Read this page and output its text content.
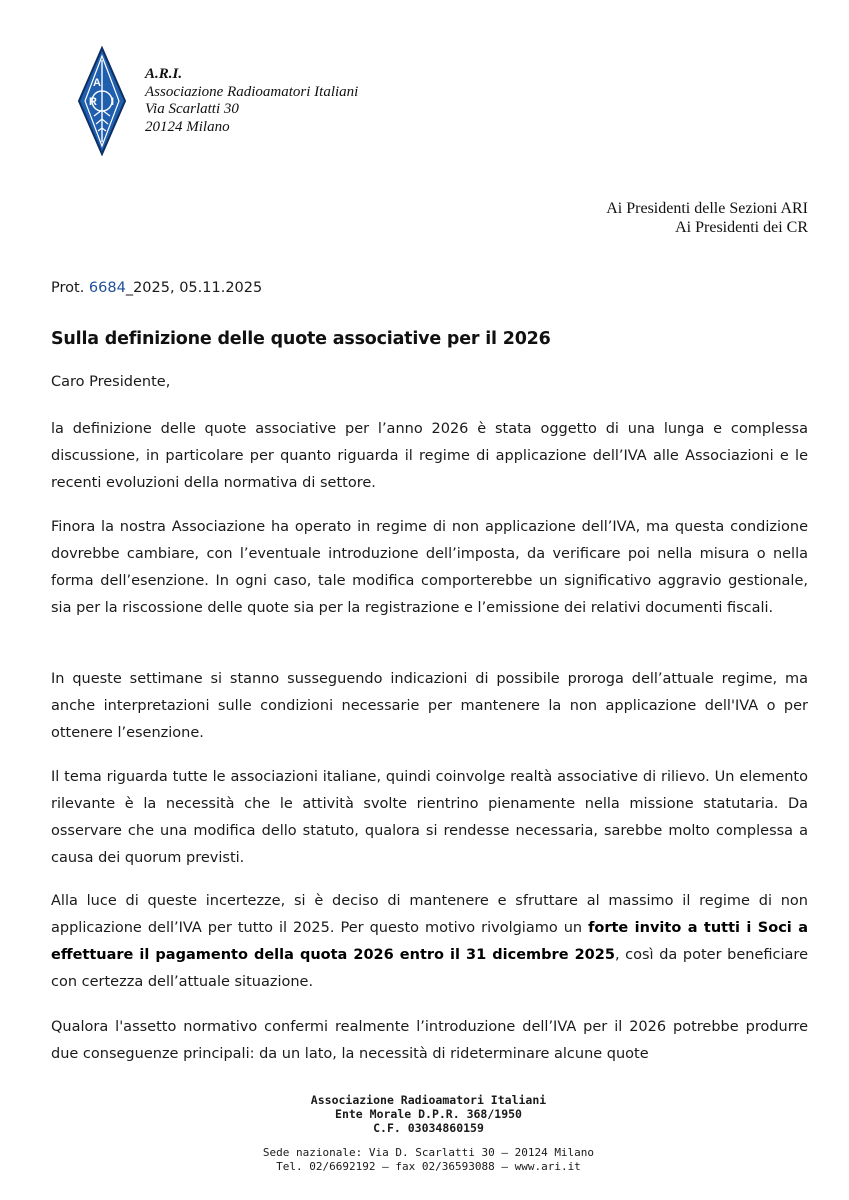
A
R I
A.R.I.
Associazione Radioamatori Italiani
Via Scarlatti 30
20124 Milano
Ai Presidenti delle Sezioni ARI
Ai Presidenti dei CR
Prot. 6684_2025, 05.11.2025
Sulla definizione delle quote associative per il 2026
Caro Presidente,
la definizione delle quote associative per l’anno 2026 è stata oggetto di una lunga e complessa discussione, in particolare per quanto riguarda il regime di applicazione dell’IVA alle Associazioni e le recenti evoluzioni della normativa di settore.
Finora la nostra Associazione ha operato in regime di non applicazione dell’IVA, ma questa condizione dovrebbe cambiare, con l’eventuale introduzione dell’imposta, da verificare poi nella misura o nella forma dell’esenzione. In ogni caso, tale modifica comporterebbe un significativo aggravio gestionale, sia per la riscossione delle quote sia per la registrazione e l’emissione dei relativi documenti fiscali.
In queste settimane si stanno susseguendo indicazioni di possibile proroga dell’attuale regime, ma anche interpretazioni sulle condizioni necessarie per mantenere la non applicazione dell'IVA o per ottenere l’esenzione.
Il tema riguarda tutte le associazioni italiane, quindi coinvolge realtà associative di rilievo. Un elemento rilevante è la necessità che le attività svolte rientrino pienamente nella missione statutaria. Da osservare che una modifica dello statuto, qualora si rendesse necessaria, sarebbe molto complessa a causa dei quorum previsti.
Alla luce di queste incertezze, si è deciso di mantenere e sfruttare al massimo il regime di non applicazione dell’IVA per tutto il 2025. Per questo motivo rivolgiamo un forte invito a tutti i Soci a effettuare il pagamento della quota 2026 entro il 31 dicembre 2025, così da poter beneficiare con certezza dell’attuale situazione.
Qualora l'assetto normativo confermi realmente l’introduzione dell’IVA per il 2026 potrebbe produrre due conseguenze principali: da un lato, la necessità di rideterminare alcune quote
Associazione Radioamatori Italiani
Ente Morale D.P.R. 368/1950
C.F. 03034860159
Sede nazionale: Via D. Scarlatti 30 – 20124 Milano
Tel. 02/6692192 – fax 02/36593088 – www.ari.it
